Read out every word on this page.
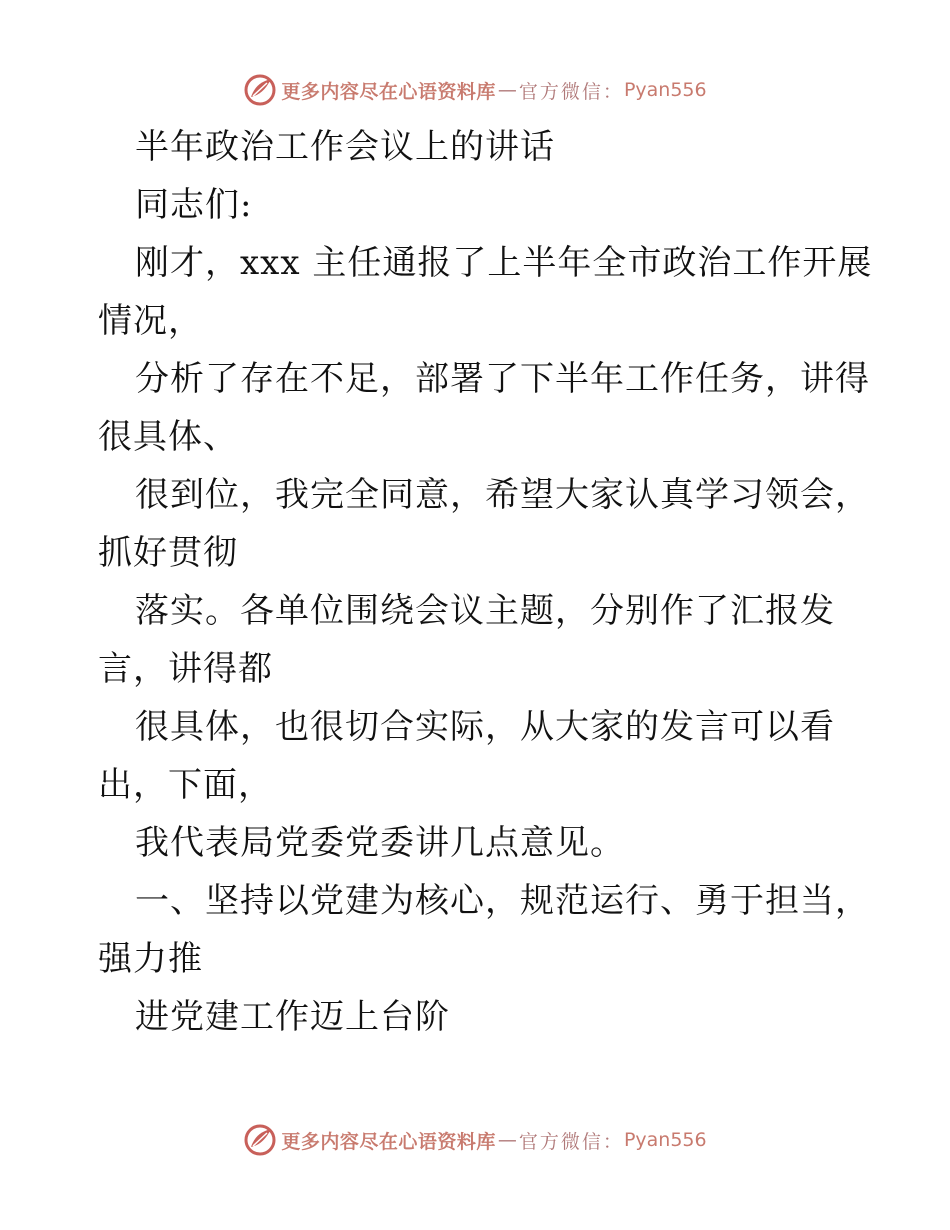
更多内容尽在心语资料库 — 官方微信： Pyan556
半年政治工作会议上的讲话
同志们:
刚才，xxx 主任通报了上半年全市政治工作开展
情况，
分析了存在不足，部署了下半年工作任务，讲得
很具体、
很到位，我完全同意，希望大家认真学习领会，
抓好贯彻
落实。各单位围绕会议主题，分别作了汇报发
言，讲得都
很具体，也很切合实际，从大家的发言可以看
出，下面，
我代表局党委党委讲几点意见。
一、坚持以党建为核心，规范运行、勇于担当，
强力推
进党建工作迈上台阶
更多内容尽在心语资料库 — 官方微信： Pyan556
